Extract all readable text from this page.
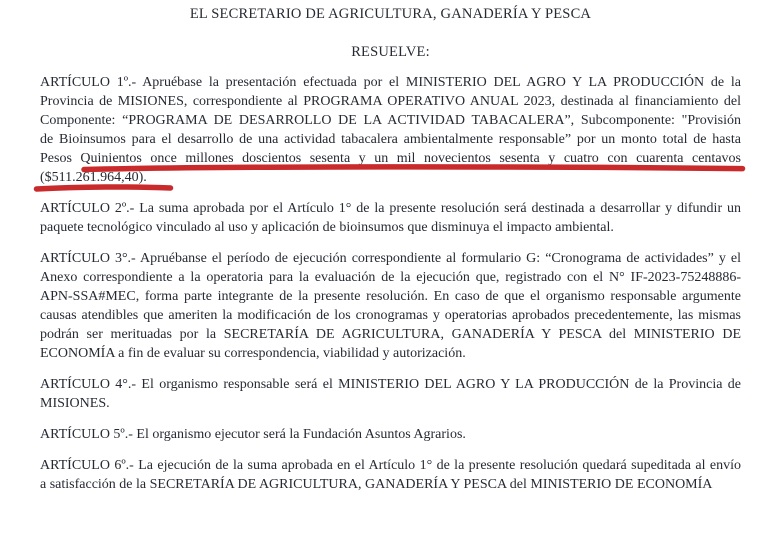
EL SECRETARIO DE AGRICULTURA, GANADERÍA Y PESCA
RESUELVE:

ARTÍCULO 1º.- Apruébase la presentación efectuada por el MINISTERIO DEL AGRO Y LA PRODUCCIÓN de la
Provincia de MISIONES, correspondiente al PROGRAMA OPERATIVO ANUAL 2023, destinada al financiamiento del
Componente: “PROGRAMA DE DESARROLLO DE LA ACTIVIDAD TABACALERA”, Subcomponente: "Provisión
de Bioinsumos para el desarrollo de una actividad tabacalera ambientalmente responsable” por un monto total de hasta
Pesos Quinientos once millones doscientos sesenta y un mil novecientos sesenta y cuatro con cuarenta centavos
($511.261.964,40).

ARTÍCULO 2º.- La suma aprobada por el Artículo 1° de la presente resolución será destinada a desarrollar y difundir un
paquete tecnológico vinculado al uso y aplicación de bioinsumos que disminuya el impacto ambiental.

ARTÍCULO 3°.- Apruébanse el período de ejecución correspondiente al formulario G: “Cronograma de actividades” y el
Anexo correspondiente a la operatoria para la evaluación de la ejecución que, registrado con el N° IF-2023-75248886-
APN-SSA#MEC, forma parte integrante de la presente resolución. En caso de que el organismo responsable argumente
causas atendibles que ameriten la modificación de los cronogramas y operatorias aprobados precedentemente, las mismas
podrán ser merituadas por la SECRETARÍA DE AGRICULTURA, GANADERÍA Y PESCA del MINISTERIO DE
ECONOMÍA a fin de evaluar su correspondencia, viabilidad y autorización.

ARTÍCULO 4°.- El organismo responsable será el MINISTERIO DEL AGRO Y LA PRODUCCIÓN de la Provincia de
MISIONES.

ARTÍCULO 5º.- El organismo ejecutor será la Fundación Asuntos Agrarios.

ARTÍCULO 6º.- La ejecución de la suma aprobada en el Artículo 1° de la presente resolución quedará supeditada al envío
a satisfacción de la SECRETARÍA DE AGRICULTURA, GANADERÍA Y PESCA del MINISTERIO DE ECONOMÍA
